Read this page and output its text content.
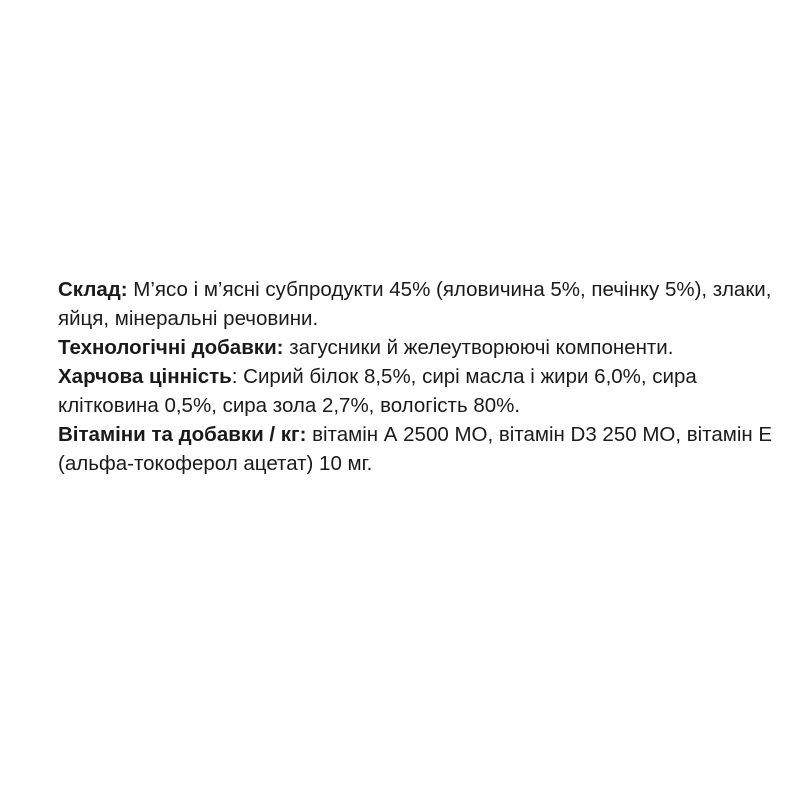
Склад: М’ясо і м’ясні субпродукти 45% (яловичина 5%, печінку 5%), злаки, яйця, мінеральні речовини.

Технологічні добавки: загусники й желеутворюючі компоненти.

Харчова цінність: Сирий білок 8,5%, сирі масла і жири 6,0%, сира клітковина 0,5%, сира зола 2,7%, вологість 80%.

Вітаміни та добавки / кг: вітамін А 2500 МО, вітамін D3 250 МО, вітамін Е (альфа-токоферол ацетат) 10 мг.
